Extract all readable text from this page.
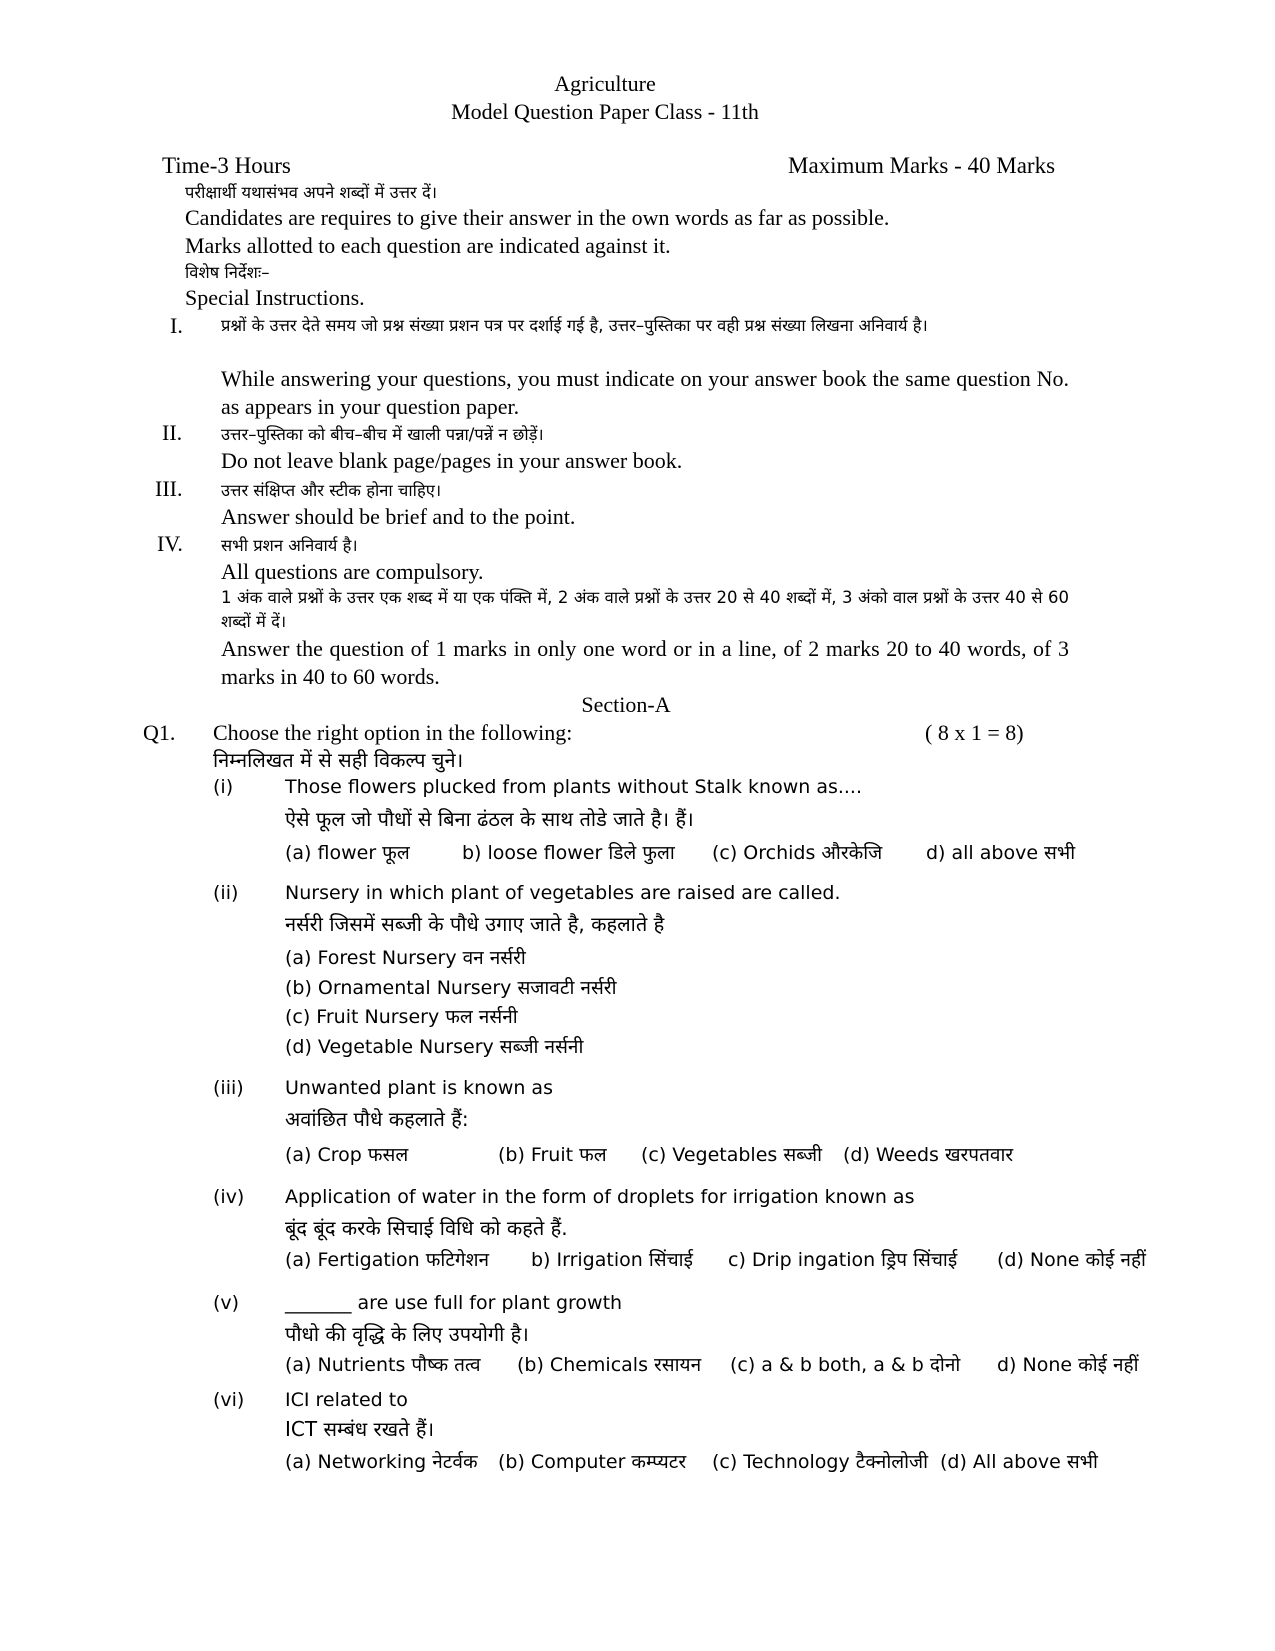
Agriculture
Model Question Paper Class - 11th
Time-3 Hours	Maximum Marks - 40 Marks
परीक्षार्थी यथासंभव अपने शब्दों में उत्तर दें।
Candidates are requires to give their answer in the own words as far as possible.
Marks allotted to each question are indicated against it.
विशेष निर्देशः–
Special Instructions.
I. प्रश्नों के उत्तर देते समय जो प्रश्न संख्या प्रशन पत्र पर दर्शाई गई है, उत्तर–पुस्तिका पर वही प्रश्न संख्या लिखना अनिवार्य है।
While answering your questions, you must indicate on your answer book the same question No. as appears in your question paper.
II. उत्तर–पुस्तिका को बीच–बीच में खाली पन्ना/पन्नें न छोड़ें।
Do not leave blank page/pages in your answer book.
III. उत्तर संक्षिप्त और स्टीक होना चाहिए।
Answer should be brief and to the point.
IV. सभी प्रशन अनिवार्य है।
All questions are compulsory.
1 अंक वाले प्रश्नों के उत्तर एक शब्द में या एक पंक्ति में, 2 अंक वाले प्रश्नों के उत्तर 20 से 40 शब्दों में, 3 अंको वाल प्रश्नों के उत्तर 40 से 60 शब्दों में दें।
Answer the question of 1 marks in only one word or in a line, of 2 marks 20 to 40 words, of 3 marks in 40 to 60 words.
Section-A
Q1. Choose the right option in the following:	( 8 x 1 = 8)
निम्नलिखत में से सही विकल्प चुने।
(i)	Those flowers plucked from plants without Stalk known as....
ऐसे फूल जो पौधों से बिना ढंठल के साथ तोडे जाते है। हैं।
(a) flower फूल	b) loose flower डिले फुला (c) Orchids औरकेजि d) all above सभी
(ii) Nursery in which plant of vegetables are raised are called.
नर्सरी जिसमें सब्जी के पौधे उगाए जाते है, कहलाते है
(a) Forest Nursery वन नर्सरी
(b) Ornamental Nursery सजावटी नर्सरी
(c) Fruit Nursery फल नर्सनी
(d) Vegetable Nursery सब्जी नर्सनी
(iii) Unwanted plant is known as
अवांछित पौधे कहलाते हैं:
(a) Crop फसल	(b) Fruit फल (c) Vegetables सब्जी (d) Weeds खरपतवार
(iv) Application of water in the form of droplets for irrigation known as
बूंद बूंद करके सिचाई विधि को कहते हैं.
(a) Fertigation फटिगेशन b) Irrigation सिंचाई c) Drip ingation ड्रिप सिंचाई (d) None कोई नहीं
(v) _______ are use full for plant growth
पौधो की वृद्धि के लिए उपयोगी है।
(a) Nutrients पौष्क तत्व (b) Chemicals रसायन (c) a & b both, a & b दोनो d) None कोई नहीं
(vi) ICI related to
ICT सम्बंध रखते हैं।
(a) Networking नेटर्वक (b) Computer कम्प्यटर (c) Technology टैक्नोलोजी (d) All above सभी
